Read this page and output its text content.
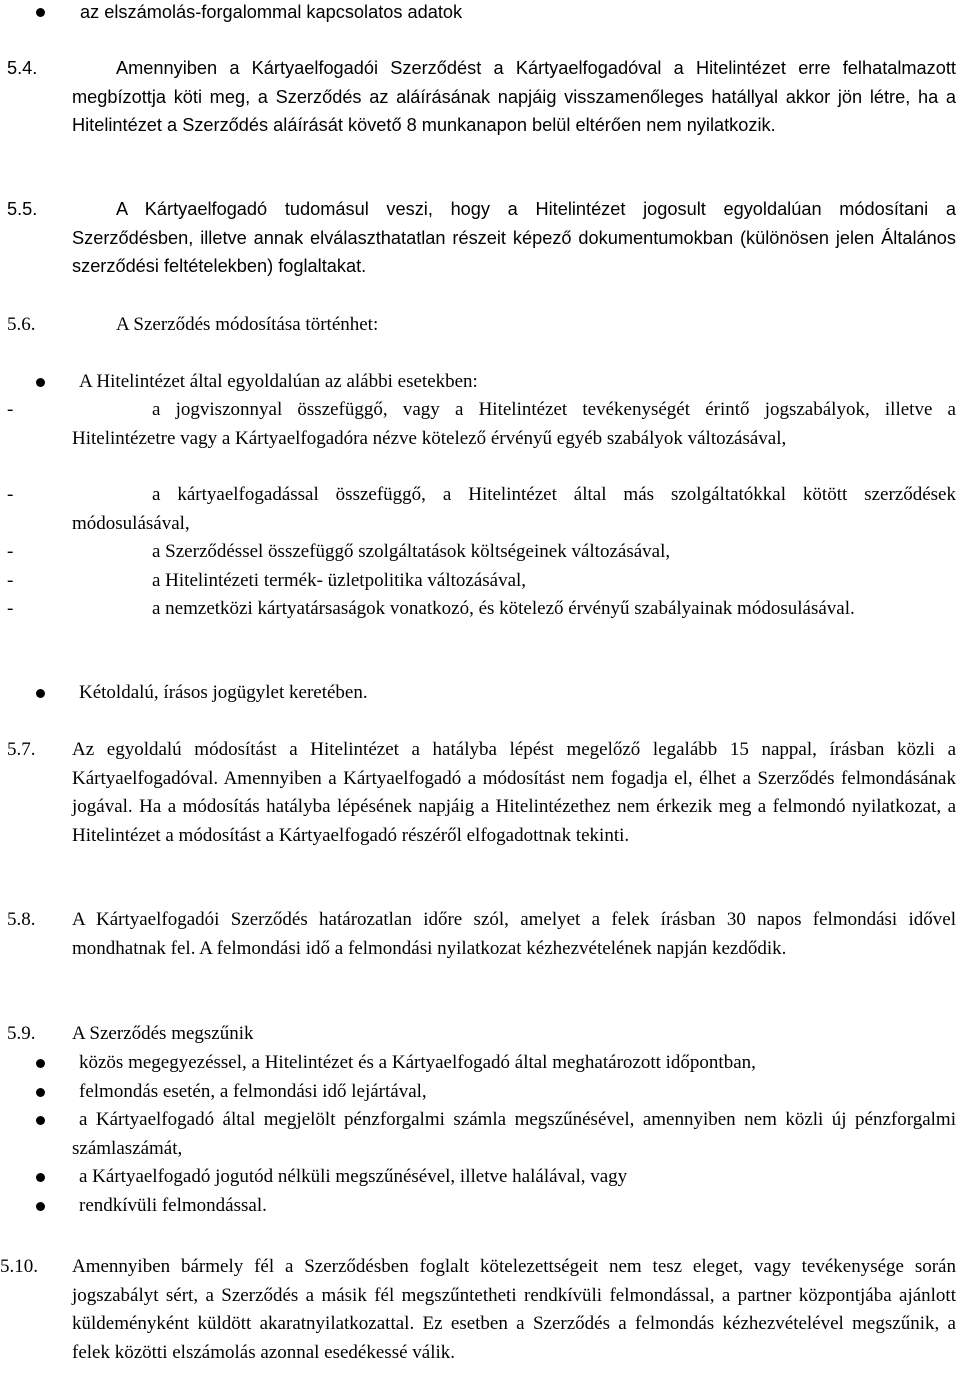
az elszámolás-forgalommal kapcsolatos adatok
5.4.	Amennyiben a Kártyaelfogadói Szerződést a Kártyaelfogadóval a Hitelintézet erre felhatalmazott megbízottja köti meg, a Szerződés az aláírásának napjáig visszamenőleges hatállyal akkor jön létre, ha a Hitelintézet a Szerződés aláírását követő 8 munkanapon belül eltérően nem nyilatkozik.
5.5.	A Kártyaelfogadó tudomásul veszi, hogy a Hitelintézet jogosult egyoldalúan módosítani a Szerződésben, illetve annak elválaszthatatlan részeit képező dokumentumokban (különösen jelen Általános szerződési feltételekben) foglaltakat.
5.6.	A Szerződés módosítása történhet:
A Hitelintézet által egyoldalúan az alábbi esetekben:
-	a jogviszonnyal összefüggő, vagy a Hitelintézet tevékenységét érintő jogszabályok, illetve a Hitelintézetre vagy a Kártyaelfogadóra nézve kötelező érvényű egyéb szabályok változásával,
-	a kártyaelfogadással összefüggő, a Hitelintézet által más szolgáltatókkal kötött szerződések módosulásával,
-	a Szerződéssel összefüggő szolgáltatások költségeinek változásával,
-	a Hitelintézeti termék- üzletpolitika változásával,
-	a nemzetközi kártyatársaságok vonatkozó, és kötelező érvényű szabályainak módosulásával.
Kétoldalú, írásos jogügylet keretében.
5.7. Az egyoldalú módosítást a Hitelintézet a hatályba lépést megelőző legalább 15 nappal, írásban közli a Kártyaelfogadóval. Amennyiben a Kártyaelfogadó a módosítást nem fogadja el, élhet a Szerződés felmondásának jogával. Ha a módosítás hatályba lépésének napjáig a Hitelintézethez nem érkezik meg a felmondó nyilatkozat, a Hitelintézet a módosítást a Kártyaelfogadó részéről elfogadottnak tekinti.
5.8. A Kártyaelfogadói Szerződés határozatlan időre szól, amelyet a felek írásban 30 napos felmondási idővel mondhatnak fel. A felmondási idő a felmondási nyilatkozat kézhezvételének napján kezdődik.
5.9. A Szerződés megszűnik
közös megegyezéssel, a Hitelintézet és a Kártyaelfogadó által meghatározott időpontban,
felmondás esetén, a felmondási idő lejártával,
a Kártyaelfogadó által megjelölt pénzforgalmi számla megszűnésével, amennyiben nem közli új pénzforgalmi számlaszámát,
a Kártyaelfogadó jogutód nélküli megszűnésével, illetve halálával, vagy
rendkívüli felmondással.
5.10. Amennyiben bármely fél a Szerződésben foglalt kötelezettségeit nem tesz eleget, vagy tevékenysége során jogszabályt sért, a Szerződés a másik fél megszűntetheti rendkívüli felmondással, a partner központjába ajánlott küldeményként küldött akaratnyilatkozattal. Ez esetben a Szerződés a felmondás kézhezvételével megszűnik, a felek közötti elszámolás azonnal esedékessé válik.
